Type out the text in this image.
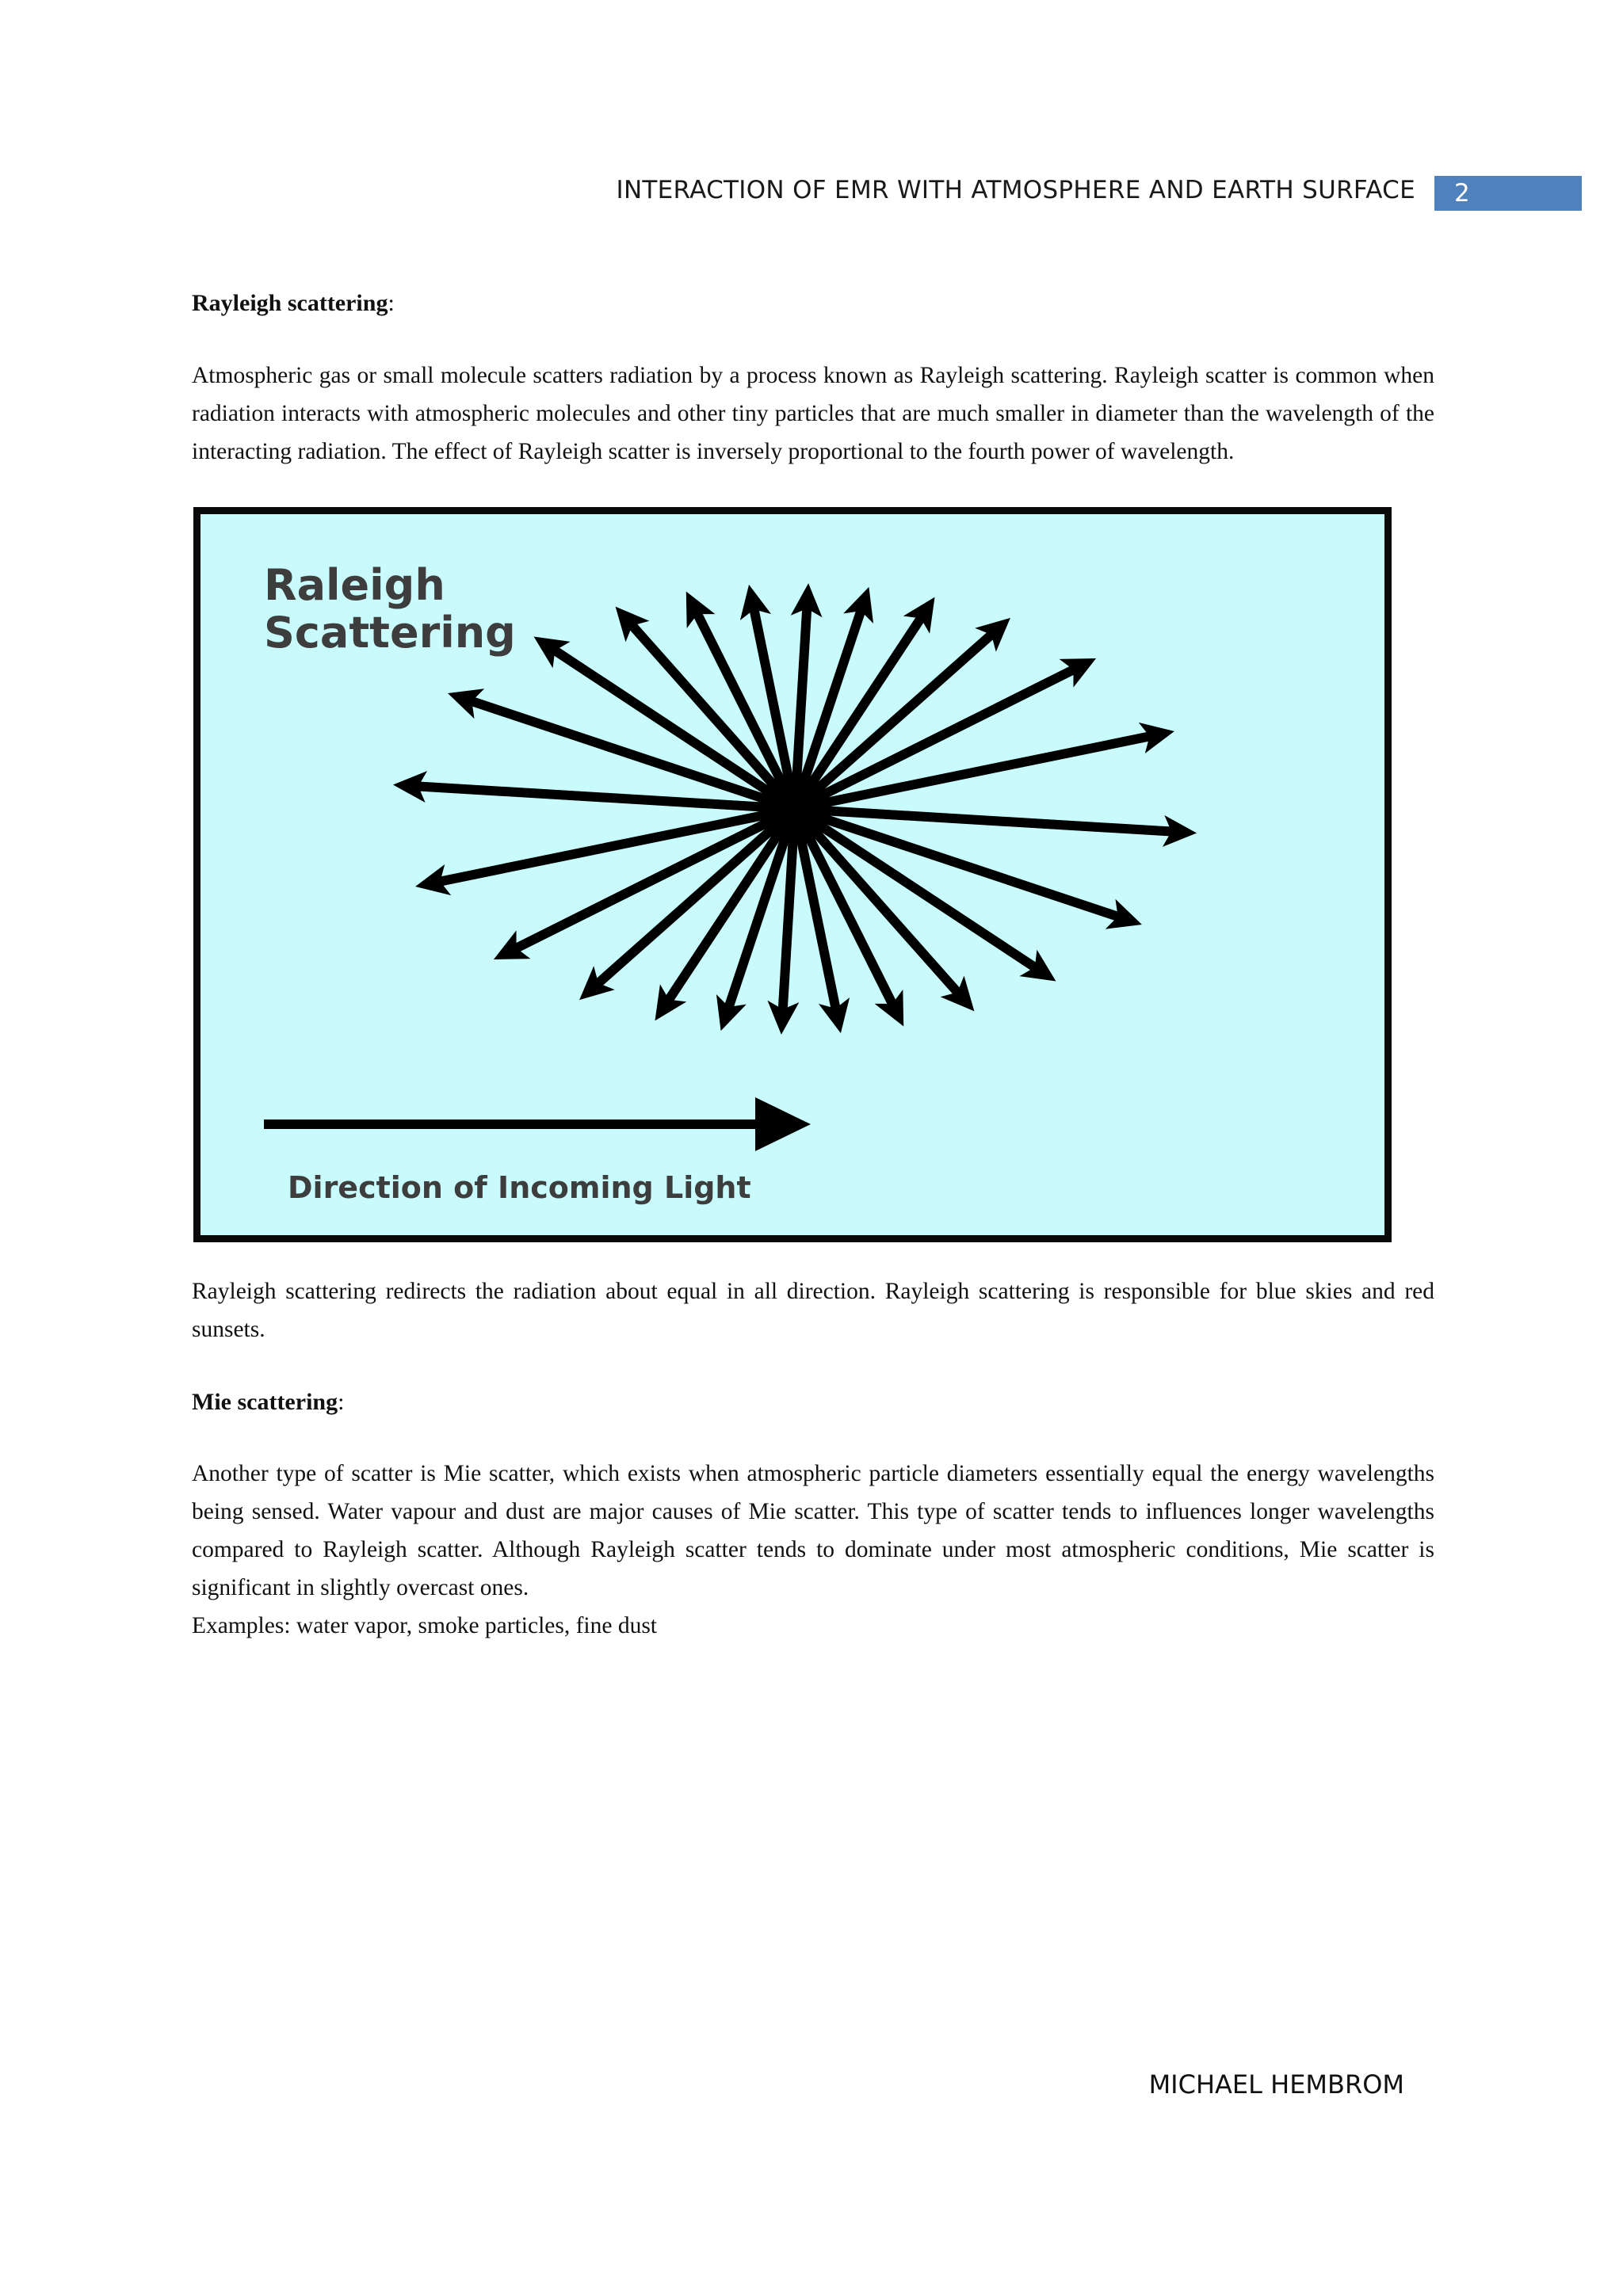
INTERACTION OF EMR WITH ATMOSPHERE AND EARTH SURFACE	2
Rayleigh scattering:
Atmospheric gas or small molecule scatters radiation by a process known as Rayleigh scattering. Rayleigh scatter is common when radiation interacts with atmospheric molecules and other tiny particles that are much smaller in diameter than the wavelength of the interacting radiation. The effect of Rayleigh scatter is inversely proportional to the fourth power of wavelength.
Raleigh
Scattering
Direction of Incoming Light
Rayleigh scattering redirects the radiation about equal in all direction. Rayleigh scattering is responsible for blue skies and red sunsets.
Mie scattering:
Another type of scatter is Mie scatter, which exists when atmospheric particle diameters essentially equal the energy wavelengths being sensed. Water vapour and dust are major causes of Mie scatter. This type of scatter tends to influences longer wavelengths compared to Rayleigh scatter. Although Rayleigh scatter tends to dominate under most atmospheric conditions, Mie scatter is significant in slightly overcast ones.
Examples: water vapor, smoke particles, fine dust
MICHAEL HEMBROM
